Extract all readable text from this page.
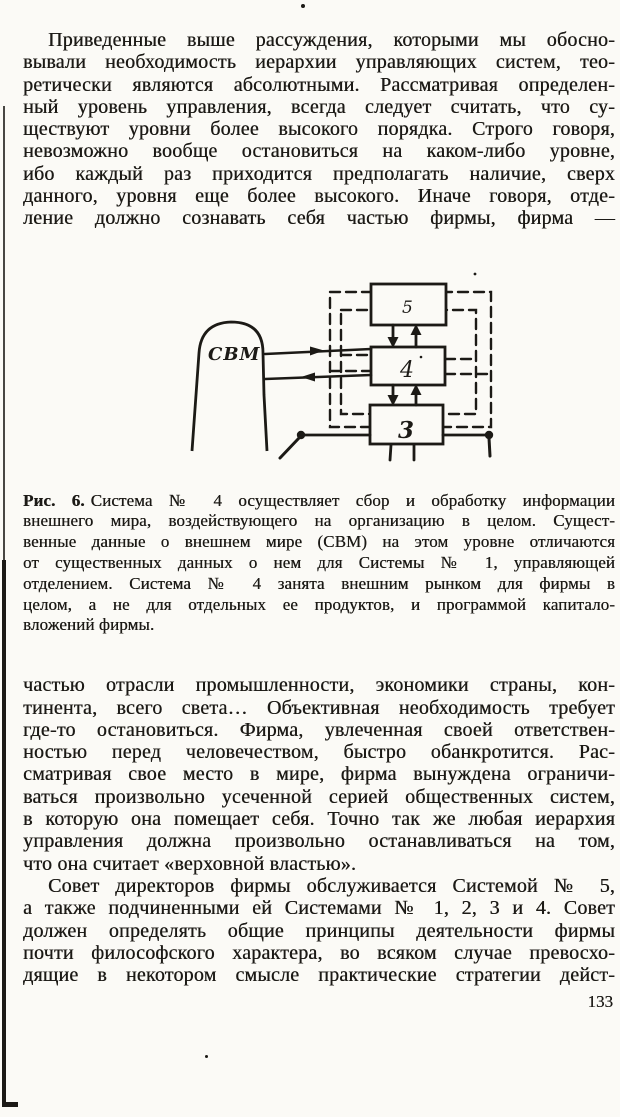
Приведенные выше рассуждения, которыми мы обосно-
вывали необходимость иерархии управляющих систем, тео-
ретически являются абсолютными. Рассматривая определен-
ный уровень управления, всегда следует считать, что су-
ществуют уровни более высокого порядка. Строго говоря,
невозможно вообще остановиться на каком-либо уровне,
ибо каждый раз приходится предполагать наличие, сверх
данного, уровня еще более высокого. Иначе говоря, отде-
ление должно сознавать себя частью фирмы, фирма —
СВМ
5
4
3
Рис. 6. Система № 4 осуществляет сбор и обработку информации
внешнего мира, воздействующего на организацию в целом. Сущест-
венные данные о внешнем мире (СВМ) на этом уровне отличаются
от существенных данных о нем для Системы № 1, управляющей
отделением. Система № 4 занята внешним рынком для фирмы в
целом, а не для отдельных ее продуктов, и программой капитало-
вложений фирмы.
частью отрасли промышленности, экономики страны, кон-
тинента, всего света… Объективная необходимость требует
где-то остановиться. Фирма, увлеченная своей ответствен-
ностью перед человечеством, быстро обанкротится. Рас-
сматривая свое место в мире, фирма вынуждена ограничи-
ваться произвольно усеченной серией общественных систем,
в которую она помещает себя. Точно так же любая иерархия
управления должна произвольно останавливаться на том,
что она считает «верховной властью».
Совет директоров фирмы обслуживается Системой № 5,
а также подчиненными ей Системами № 1, 2, 3 и 4. Совет
должен определять общие принципы деятельности фирмы
почти философского характера, во всяком случае превосхо-
дящие в некотором смысле практические стратегии дейст-
133
